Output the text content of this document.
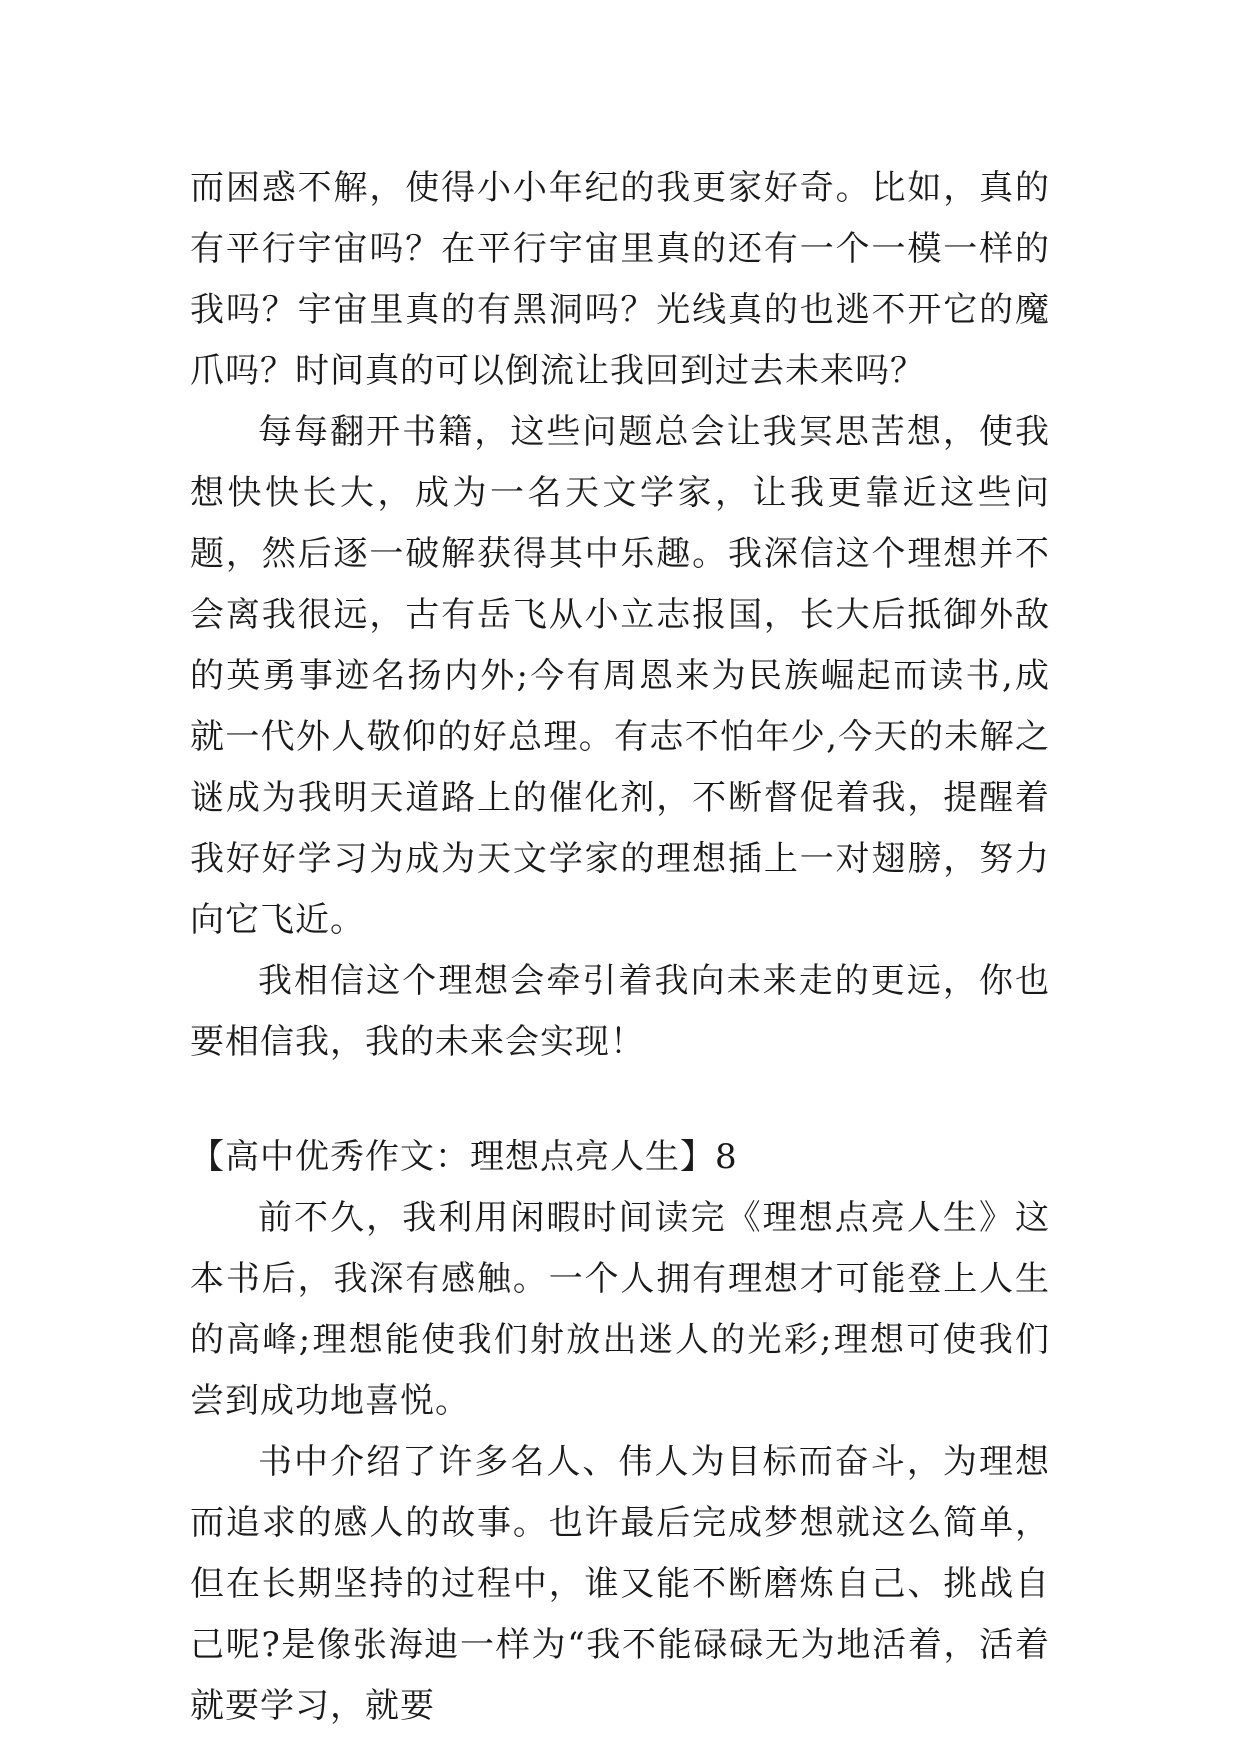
而困惑不解，使得小小年纪的我更家好奇。比如，真的有平行宇宙吗？在平行宇宙里真的还有一个一模一样的我吗？宇宙里真的有黑洞吗？光线真的也逃不开它的魔爪吗？时间真的可以倒流让我回到过去未来吗？

每每翻开书籍，这些问题总会让我冥思苦想，使我想快快长大，成为一名天文学家，让我更靠近这些问题，然后逐一破解获得其中乐趣。我深信这个理想并不会离我很远，古有岳飞从小立志报国，长大后抵御外敌的英勇事迹名扬内外;今有周恩来为民族崛起而读书,成就一代外人敬仰的好总理。有志不怕年少,今天的未解之谜成为我明天道路上的催化剂，不断督促着我，提醒着我好好学习为成为天文学家的理想插上一对翅膀，努力向它飞近。

我相信这个理想会牵引着我向未来走的更远，你也要相信我，我的未来会实现！

【高中优秀作文：理想点亮人生】8

前不久，我利用闲暇时间读完《理想点亮人生》这本书后，我深有感触。一个人拥有理想才可能登上人生的高峰;理想能使我们射放出迷人的光彩;理想可使我们尝到成功地喜悦。

书中介绍了许多名人、伟人为目标而奋斗，为理想而追求的感人的故事。也许最后完成梦想就这么简单，但在长期坚持的过程中，谁又能不断磨炼自己、挑战自己呢?是像张海迪一样为“我不能碌碌无为地活着，活着就要学习，就要
